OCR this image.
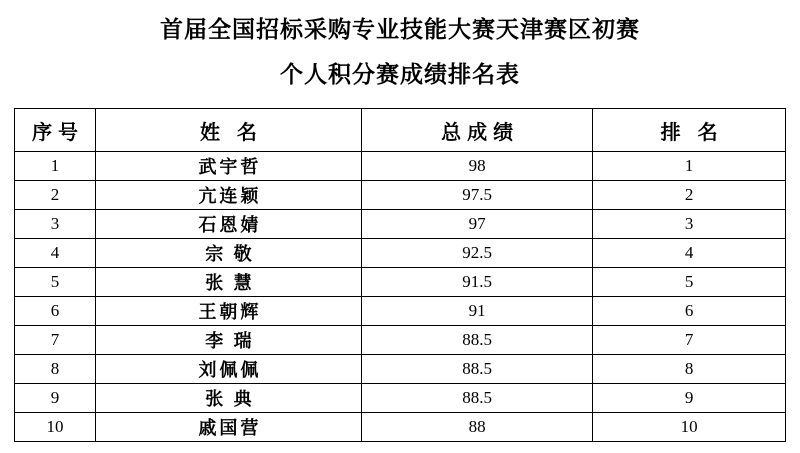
首届全国招标采购专业技能大赛天津赛区初赛
个人积分赛成绩排名表
序号	姓 名	总成绩	排 名
1	武宇哲	98	1
2	亢连颖	97.5	2
3	石恩婧	97	3
4	宗 敬	92.5	4
5	张 慧	91.5	5
6	王朝辉	91	6
7	李 瑞	88.5	7
8	刘佩佩	88.5	8
9	张 典	88.5	9
10	戚国营	88	10
